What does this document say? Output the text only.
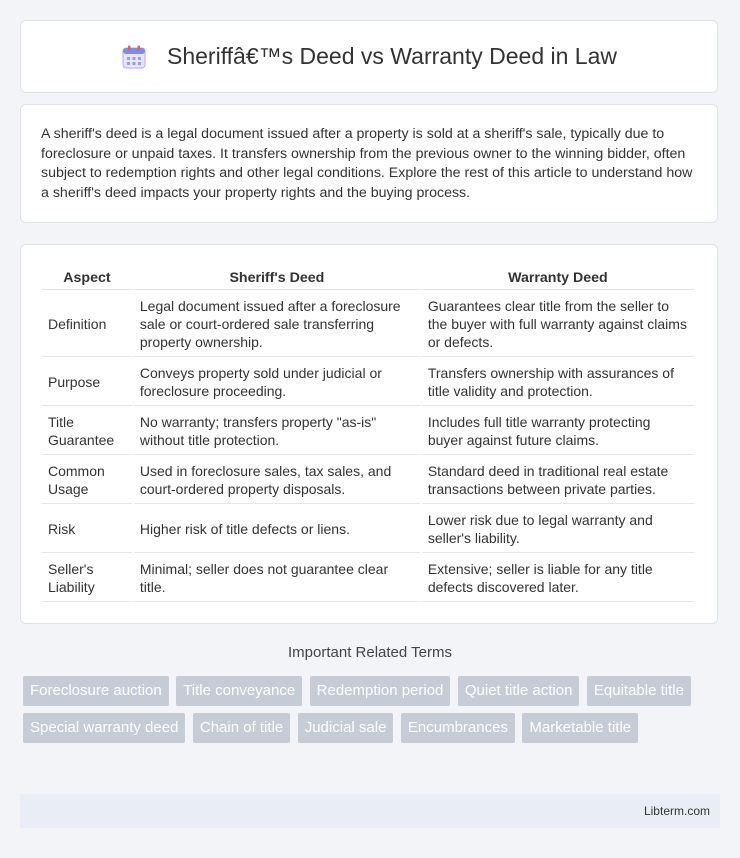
Sheriffâ€™s Deed vs Warranty Deed in Law

A sheriff's deed is a legal document issued after a property is sold at a sheriff's sale, typically due to foreclosure or unpaid taxes. It transfers ownership from the previous owner to the winning bidder, often subject to redemption rights and other legal conditions. Explore the rest of this article to understand how a sheriff's deed impacts your property rights and the buying process.

Aspect	Sheriff's Deed	Warranty Deed
Definition	Legal document issued after a foreclosure sale or court-ordered sale transferring property ownership.	Guarantees clear title from the seller to the buyer with full warranty against claims or defects.
Purpose	Conveys property sold under judicial or foreclosure proceeding.	Transfers ownership with assurances of title validity and protection.
Title Guarantee	No warranty; transfers property "as-is" without title protection.	Includes full title warranty protecting buyer against future claims.
Common Usage	Used in foreclosure sales, tax sales, and court-ordered property disposals.	Standard deed in traditional real estate transactions between private parties.
Risk	Higher risk of title defects or liens.	Lower risk due to legal warranty and seller's liability.
Seller's Liability	Minimal; seller does not guarantee clear title.	Extensive; seller is liable for any title defects discovered later.
Important Related Terms
Foreclosure auction Title conveyance Redemption period Quiet title action Equitable title Special warranty deed Chain of title Judicial sale Encumbrances Marketable title
Libterm.com
